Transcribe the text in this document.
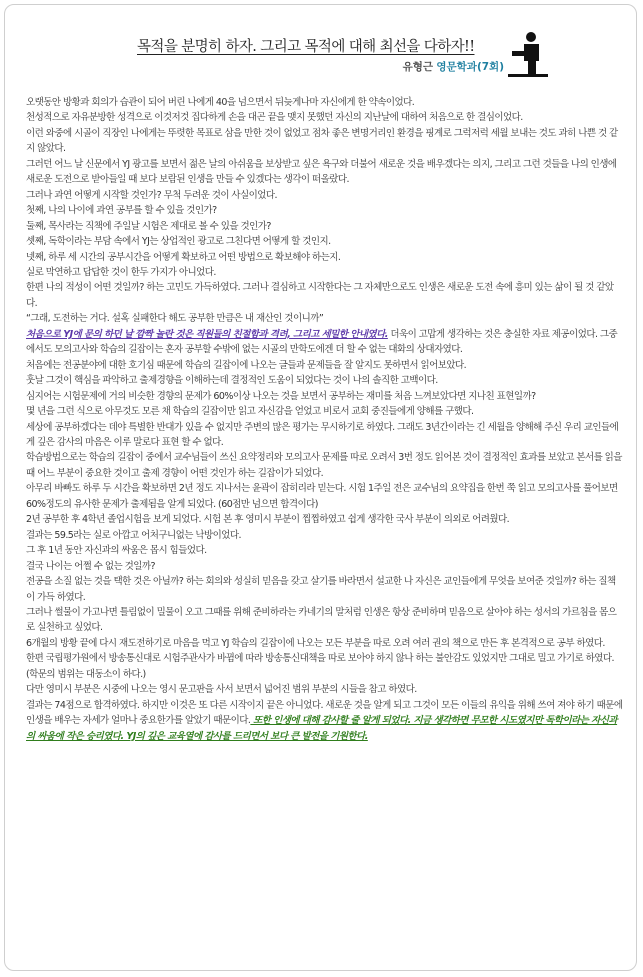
목적을 분명히 하자. 그리고 목적에 대해 최선을 다하자!!
유형근 영문학과(7회)

오랫동안 방황과 회의가 습관이 되어 버린 나에게 40을 넘으면서 뒤늦게나마 자신에게 한 약속이었다.

천성적으로 자유분방한 성격으로 이것저것 집다하게 손을 대곤 끝을 맺지 못했던 자신의 지난날에 대하여 처음으로 한 결심이었다.

이런 와중에 시골이 직장인 나에게는 뚜렷한 목표로 삼을 만한 것이 없었고 점차 좋은 변명거리인 환경을 핑계로 그럭저럭 세월 보내는 것도 과히 나쁜 것 같지 않았다.

그러던 어느 날 신문에서 YJ 광고를 보면서 젊은 날의 아쉬움을 보상받고 싶은 욕구와 더불어 새로운 것을 배우겠다는 의지, 그리고 그런 것들을 나의 인생에 새로운 도전으로 받아들일 때 보다 보람된 인생을 만들 수 있겠다는 생각이 떠올랐다.

그러나 과연 어떻게 시작할 것인가? 무척 두려운 것이 사실이었다.

첫째, 나의 나이에 과연 공부를 할 수 있을 것인가?

둘째, 목사라는 직책에 주일날 시험은 제대로 볼 수 있을 것인가?

셋째, 독학이라는 부담 속에서 YJ는 상업적인 광고로 그친다면 어떻게 할 것인지.

넷째, 하루 세 시간의 공부시간을 어떻게 확보하고 어떤 방법으로 확보해야 하는지.

실로 막연하고 답답한 것이 한두 가지가 아니었다.

한편 나의 적성이 어떤 것일까? 하는 고민도 가득하였다. 그러나 결심하고 시작한다는 그 자체만으로도 인생은 새로운 도전 속에 흥미 있는 삶이 될 것 같았다.

“그래, 도전하는 거다. 설혹 실패한다 해도 공부한 만큼은 내 재산인 것이니까”

처음으로 YJ에 문의 하던 날 깜짝 놀란 것은 직원들의 친절함과 격려, 그리고 세밀한 안내였다. 더욱이 고맙게 생각하는 것은 충실한 자료 제공이었다. 그중에서도 모의고사와 학습의 길잡이는 혼자 공부할 수밖에 없는 시골의 만학도에겐 더 할 수 없는 대화의 상대자였다.

처음에는 전공분야에 대한 호기심 때문에 학습의 길잡이에 나오는 글들과 문제들을 잘 알지도 못하면서 읽어보았다.

훗날 그것이 핵심을 파악하고 출제경향을 이해하는데 결정적인 도움이 되었다는 것이 나의 솔직한 고백이다.

심지어는 시험문제에 거의 비슷한 경향의 문제가 60%이상 나오는 것을 보면서 공부하는 재미를 처음 느껴보았다면 지나친 표현일까?

몇 년을 그런 식으로 아무것도 모른 채 학습의 길잡이만 읽고 자신감을 얻었고 비로서 교회 중진들에게 양해를 구했다.

세상에 공부하겠다는 데야 특별한 반대가 있을 수 없지만 주변의 많은 평가는 무시하기로 하였다. 그래도 3년간이라는 긴 세월을 양해해 주신 우리 교인들에게 깊은 감사의 마음은 이루 말로다 표현 할 수 없다.

학습방법으로는 학습의 길잡이 중에서 교수님들이 쓰신 요약정리와 모의고사 문제를 따로 오려서 3번 정도 읽어본 것이 결정적인 효과를 보았고 본서를 읽을 때 어느 부분이 중요한 것이고 출제 경향이 어떤 것인가 하는 길잡이가 되었다.

아무리 바빠도 하루 두 시간을 확보하면 2년 정도 지나서는 윤곽이 잡히리라 믿는다. 시험 1주일 전은 교수님의 요약집을 한번 쭉 읽고 모의고사를 풀어보면 60%정도의 유사한 문제가 출제됨을 알게 되었다. (60점만 넘으면 합격이다)

2년 공부한 후 4학년 졸업시험을 보게 되었다. 시험 본 후 영미시 부분이 찝찝하였고 쉽게 생각한 국사 부분이 의외로 어려웠다.

결과는 59.5라는 실로 아깝고 어처구니없는 낙방이었다.

그 후 1년 동안 자신과의 싸움은 몹시 힘들었다.

결국 나이는 어쩔 수 없는 것일까?

전공을 소질 없는 것을 택한 것은 아닐까? 하는 회의와 성실히 믿음을 갖고 살기를 바라면서 설교한 나 자신은 교인들에게 무엇을 보여준 것일까? 하는 질책이 가득 하였다.

그러나 썰물이 가고나면 틀림없이 밀물이 오고 그때를 위해 준비하라는 카네기의 말처럼 인생은 항상 준비하며 믿음으로 살아야 하는 성서의 가르침을 몸으로 실천하고 싶었다.

6개월의 방황 끝에 다시 재도전하기로 마음을 먹고 YJ 학습의 길잡이에 나오는 모든 부분을 따로 오려 여러 권의 책으로 만든 후 본격적으로 공부 하였다.

한편 국립평가원에서 방송통신대로 시험주관사가 바뀜에 따라 방송통신대책을 따로 보아야 하지 않나 하는 불안감도 있었지만 그대로 밀고 가기로 하였다.(학문의 범위는 대동소이 하다.)

다만 영미시 부분은 시중에 나오는 영시 문고판을 사서 보면서 넓어진 범위 부분의 시들을 참고 하였다.

결과는 74점으로 합격하였다. 하지만 이것은 또 다른 시작이지 끝은 아니었다. 새로운 것을 알게 되고 그것이 모든 이들의 유익을 위해 쓰여 져야 하기 때문에 인생을 배우는 자세가 얼마나 중요한가를 알았기 때문이다. 또한 인생에 대해 감사할 줄 알게 되었다. 지금 생각하면 무모한 시도였지만 독학이라는 자신과의 싸움에 작은 승리였다. YJ의 깊은 교육열에 감사를 드리면서 보다 큰 발전을 기원한다.
